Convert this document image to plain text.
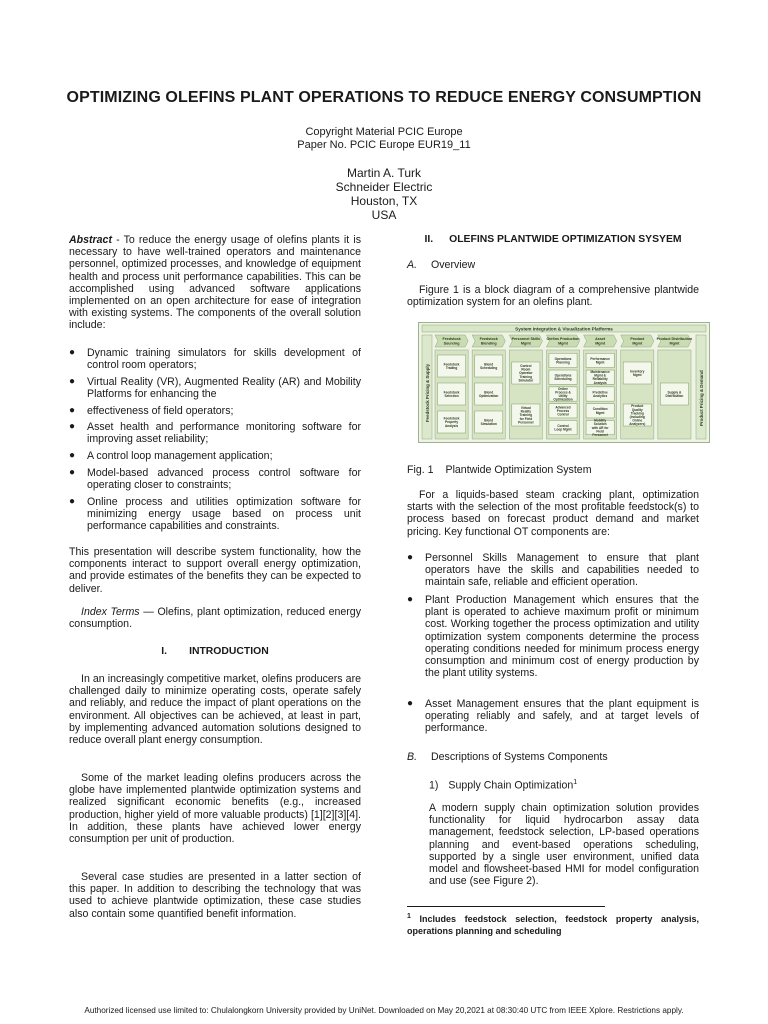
OPTIMIZING OLEFINS PLANT OPERATIONS TO REDUCE ENERGY CONSUMPTION
Copyright Material PCIC Europe
Paper No. PCIC Europe EUR19_11
Martin A. Turk
Schneider Electric
Houston, TX
USA
Abstract - To reduce the energy usage of olefins plants it is necessary to have well-trained operators and maintenance personnel, optimized processes, and knowledge of equipment health and process unit performance capabilities. This can be accomplished using advanced software applications implemented on an open architecture for ease of integration with existing systems. The components of the overall solution include:
●	Dynamic training simulators for skills development of control room operators;
●	Virtual Reality (VR), Augmented Reality (AR) and Mobility Platforms for enhancing the
●	effectiveness of field operators;
●	Asset health and performance monitoring software for improving asset reliability;
●	A control loop management application;
●	Model-based advanced process control software for operating closer to constraints;
●	Online process and utilities optimization software for minimizing energy usage based on process unit performance capabilities and constraints.
This presentation will describe system functionality, how the components interact to support overall energy optimization, and provide estimates of the benefits they can be expected to deliver.
Index Terms — Olefins, plant optimization, reduced energy consumption.
I. INTRODUCTION
In an increasingly competitive market, olefins producers are challenged daily to minimize operating costs, operate safely and reliably, and reduce the impact of plant operations on the environment. All objectives can be achieved, at least in part, by implementing advanced automation solutions designed to reduce overall plant energy consumption.
Some of the market leading olefins producers across the globe have implemented plantwide optimization systems and realized significant economic benefits (e.g., increased production, higher yield of more valuable products) [1][2][3][4]. In addition, these plants have achieved lower energy consumption per unit of production.
Several case studies are presented in a latter section of this paper. In addition to describing the technology that was used to achieve plantwide optimization, these case studies also contain some quantified benefit information.
II. OLEFINS PLANTWIDE OPTIMIZATION SYSYEM
A. Overview
Figure 1 is a block diagram of a comprehensive plantwide optimization system for an olefins plant.
System Integration & Visualization Platforms
Feedstock Pricing & Supply	Product Pricing & Demand
Feedstock
Sourcing
Feedstock
Trading
Feedstock
Selection
Feedstock
Property
Analysis
Feedstock
Blending
Blend
Scheduling
Blend
Optimization
Blend
Simulation
Personnel Skills
Mgmt
Control
Room
Operator
Training
Simulator
Virtual
Reality
Training
for Field
Personnel
Olefins Production
Mgmt
Operations
Planning
Operations
Scheduling
Online
Process &
Utility
Optimization
Advanced
Process
Control
Control
Loop Mgmt
Asset
Mgmt
Performance
Mgmt
Maintenance
Mgmt &
Reliability
Analysis
Predictive
Analytics
Condition
Mgmt
Mobility
Solution
with AR for
Field
Personnel
Product
Mgmt
Inventory
Mgmt
Product
Quality
Tracking
(including
Online
Analyzers)
Product Distribution
Mgmt
Supply &
Distribution
Fig. 1 Plantwide Optimization System
For a liquids-based steam cracking plant, optimization starts with the selection of the most profitable feedstock(s) to process based on forecast product demand and market pricing. Key functional OT components are:
●	Personnel Skills Management to ensure that plant operators have the skills and capabilities needed to maintain safe, reliable and efficient operation.
●	Plant Production Management which ensures that the plant is operated to achieve maximum profit or minimum cost. Working together the process optimization and utility optimization system components determine the process operating conditions needed for minimum process energy consumption and minimum cost of energy production by the plant utility systems.
●	Asset Management ensures that the plant equipment is operating reliably and safely, and at target levels of performance.
B. Descriptions of Systems Components
1) Supply Chain Optimization$^1$
A modern supply chain optimization solution provides functionality for liquid hydrocarbon assay data management, feedstock selection, LP-based operations planning and event-based operations scheduling, supported by a single user environment, unified data model and flowsheet-based HMI for model configuration and use (see Figure 2).
$^1$ Includes feedstock selection, feedstock property analysis, operations planning and scheduling
Authorized licensed use limited to: Chulalongkorn University provided by UniNet. Downloaded on May 20,2021 at 08:30:40 UTC from IEEE Xplore. Restrictions apply.
